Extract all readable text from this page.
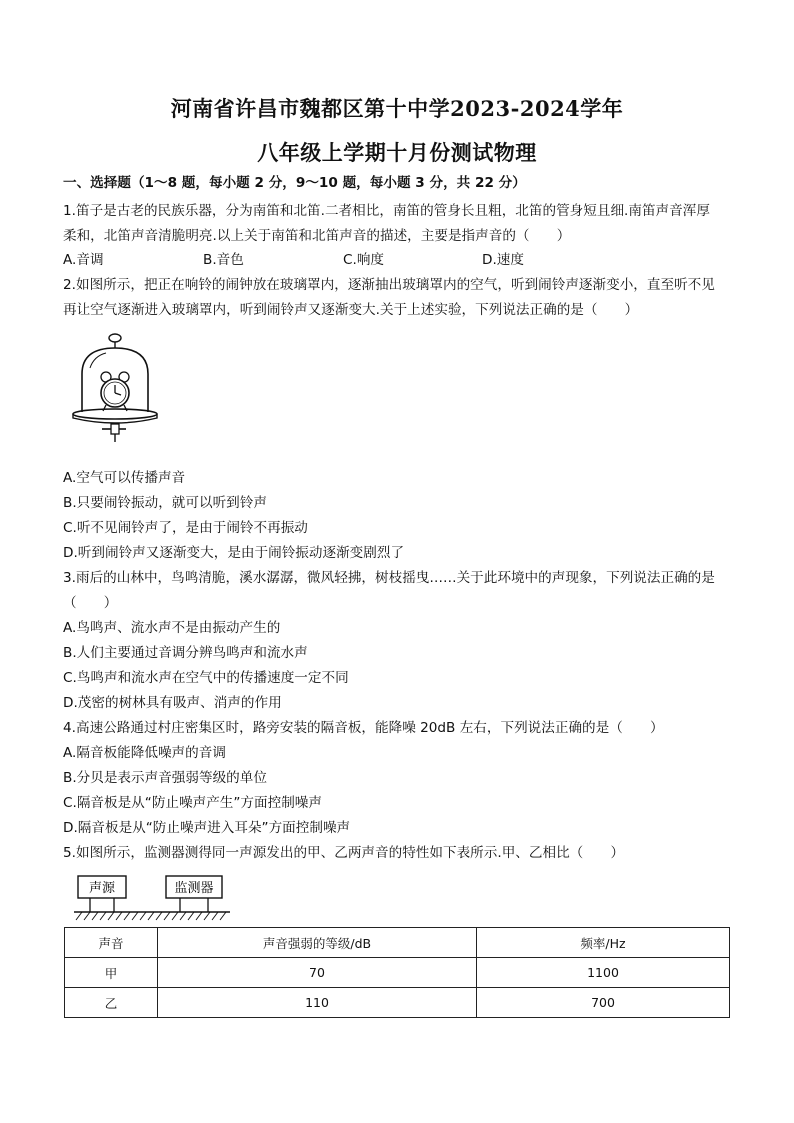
河南省许昌市魏都区第十中学2023-2024学年
八年级上学期十月份测试物理
一、选择题（1～8 题，每小题 2 分，9～10 题，每小题 3 分，共 22 分）
1.笛子是古老的民族乐器，分为南笛和北笛.二者相比，南笛的管身长且粗，北笛的管身短且细.南笛声音浑厚
柔和，北笛声音清脆明亮.以上关于南笛和北笛声音的描述，主要是指声音的（　　）
A.音调	B.音色	C.响度	D.速度
2.如图所示，把正在响铃的闹钟放在玻璃罩内，逐渐抽出玻璃罩内的空气，听到闹铃声逐渐变小，直至听不见
再让空气逐渐进入玻璃罩内，听到闹铃声又逐渐变大.关于上述实验，下列说法正确的是（　　）
A.空气可以传播声音
B.只要闹铃振动，就可以听到铃声
C.听不见闹铃声了，是由于闹铃不再振动
D.听到闹铃声又逐渐变大，是由于闹铃振动逐渐变剧烈了
3.雨后的山林中，鸟鸣清脆，溪水潺潺，微风轻拂，树枝摇曳……关于此环境中的声现象，下列说法正确的是
（　　）
A.鸟鸣声、流水声不是由振动产生的
B.人们主要通过音调分辨鸟鸣声和流水声
C.鸟鸣声和流水声在空气中的传播速度一定不同
D.茂密的树林具有吸声、消声的作用
4.高速公路通过村庄密集区时，路旁安装的隔音板，能降噪 20dB 左右，下列说法正确的是（　　）
A.隔音板能降低噪声的音调
B.分贝是表示声音强弱等级的单位
C.隔音板是从“防止噪声产生”方面控制噪声
D.隔音板是从“防止噪声进入耳朵”方面控制噪声
5.如图所示，监测器测得同一声源发出的甲、乙两声音的特性如下表所示.甲、乙相比（　　）
声源	监测器
声音	声音强弱的等级/dB	频率/Hz
甲	70	1100
乙	110	700
